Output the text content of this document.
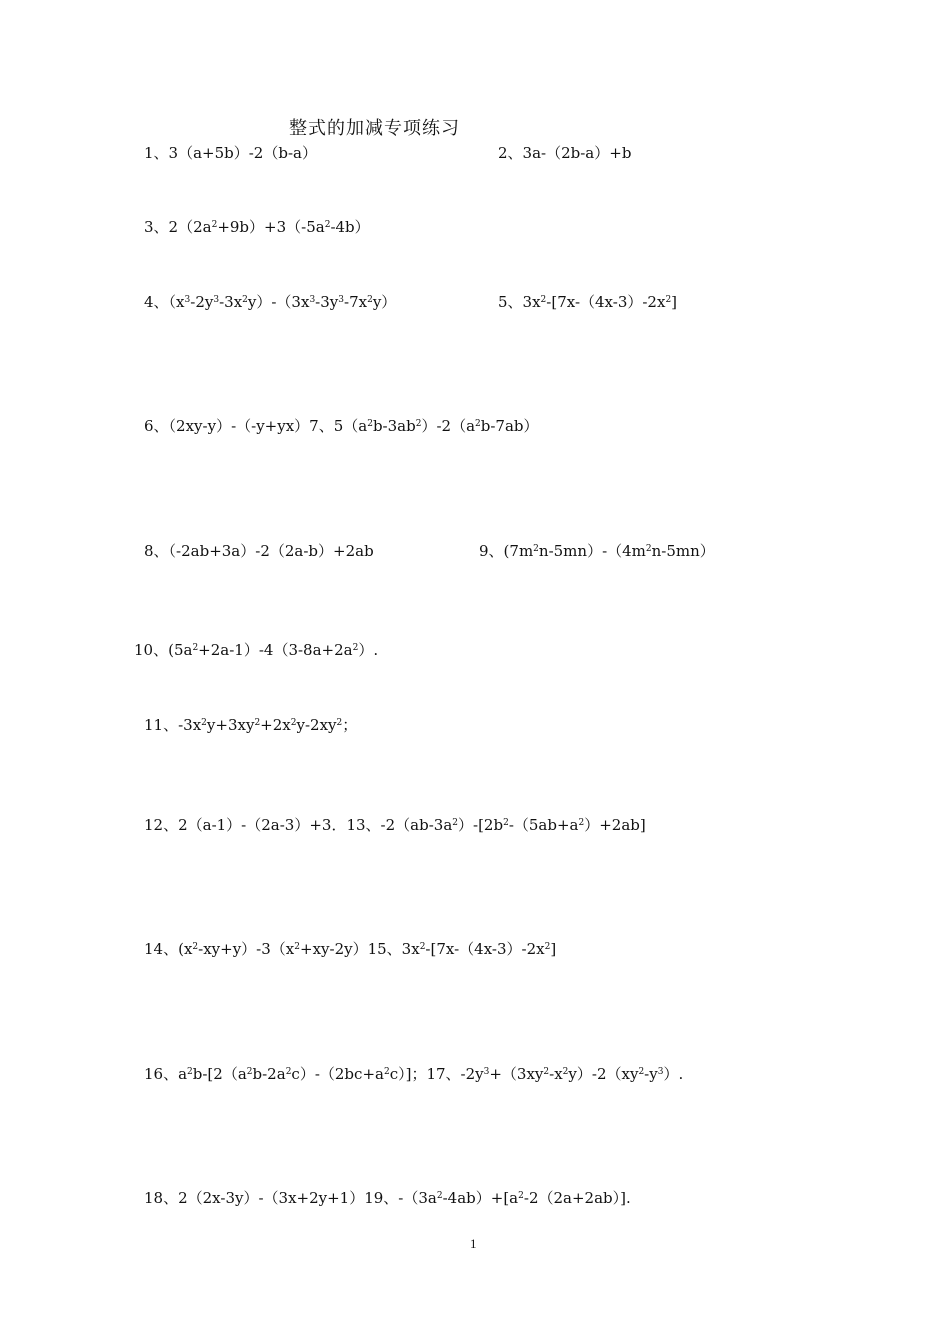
整式的加减专项练习
1、3（a+5b）-2（b-a）	2、3a-（2b-a）+b
3、$2(2a^2+9b)+3(-5a^2-4b)$
4、$(x^3-2y^3-3x^2y)-(3x^3-3y^3-7x^2y)$	5、$3x^2-[7x-(4x-3)-2x^2]$
6、（2xy-y）-（-y+yx）7、$5(a^2b-3ab^2)-2(a^2b-7ab)$
8、（-2ab+3a）-2（2a-b）+2ab	9、$(7m^2n-5mn)-(4m^2n-5mn)$
10、$(5a^2+2a-1)-4(3-8a+2a^2)$.
11、$-3x^2y+3xy^2+2x^2y-2xy^2$；
12、2（a-1）-（2a-3）+3．13、$-2(ab-3a^2)-[2b^2-(5ab+a^2)+2ab]$
14、$(x^2-xy+y)-3(x^2+xy-2y)15$、$3x^2-[7x-(4x-3)-2x^2]$
16、$a^2b-[2(a^2b-2a^2c)-(2bc+a^2c)]$；17、$-2y^3+(3xy^2-x^2y)-2(xy^2-y^3)$.
18、2（2x-3y）-（3x+2y+1）19、$-(3a^2-4ab)+[a^2-2(2a+2ab)]$.
1
